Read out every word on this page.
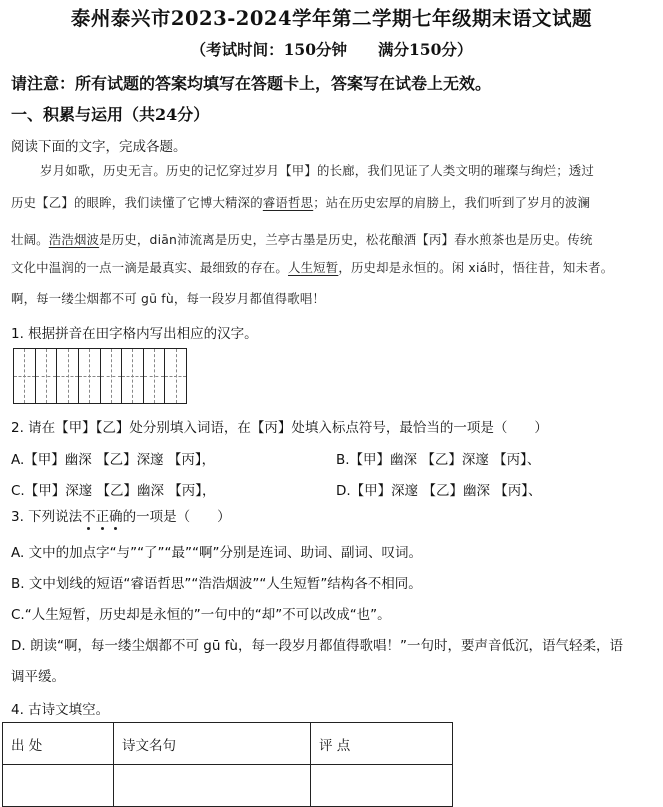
泰州泰兴市2023-2024学年第二学期七年级期末语文试题
（考试时间：150分钟　　满分150分）
请注意：所有试题的答案均填写在答题卡上，答案写在试卷上无效。
一、积累与运用（共24分）
阅读下面的文字，完成各题。
岁月如歌，历史无言。历史的记忆穿过岁月【甲】的长廊，我们见证了人类文明的璀璨与绚烂；透过
历史【乙】的眼眸，我们读懂了它博大精深的睿语哲思；站在历史宏厚的肩膀上，我们听到了岁月的波澜
壮阔。浩浩烟波是历史，diān沛流离是历史，兰亭古墨是历史，松花酿酒【丙】春水煎茶也是历史。传统
文化中温润的一点一滴是最真实、最细致的存在。人生短暂，历史却是永恒的。闲 xiá时，悟往昔，知未者。
啊，每一缕尘烟都不可 gū fù，每一段岁月都值得歌唱！
1. 根据拼音在田字格内写出相应的汉字。
2. 请在【甲】【乙】处分别填入词语，在【丙】处填入标点符号，最恰当的一项是（　　）
A.【甲】幽深 【乙】深邃 【丙】，	B.【甲】幽深 【乙】深邃 【丙】、
C.【甲】深邃 【乙】幽深 【丙】，	D.【甲】深邃 【乙】幽深 【丙】、
3. 下列说法不正确的一项是（　　）
A. 文中的加点字“与”“了”“最”“啊”分别是连词、助词、副词、叹词。
B. 文中划线的短语“睿语哲思”“浩浩烟波”“人生短暂”结构各不相同。
C.“人生短暂，历史却是永恒的”一句中的“却”不可以改成“也”。
D. 朗读“啊，每一缕尘烟都不可 gū fù，每一段岁月都值得歌唱！”一句时，要声音低沉，语气轻柔，语
调平缓。
4. 古诗文填空。
出 处	诗文名句	评 点
